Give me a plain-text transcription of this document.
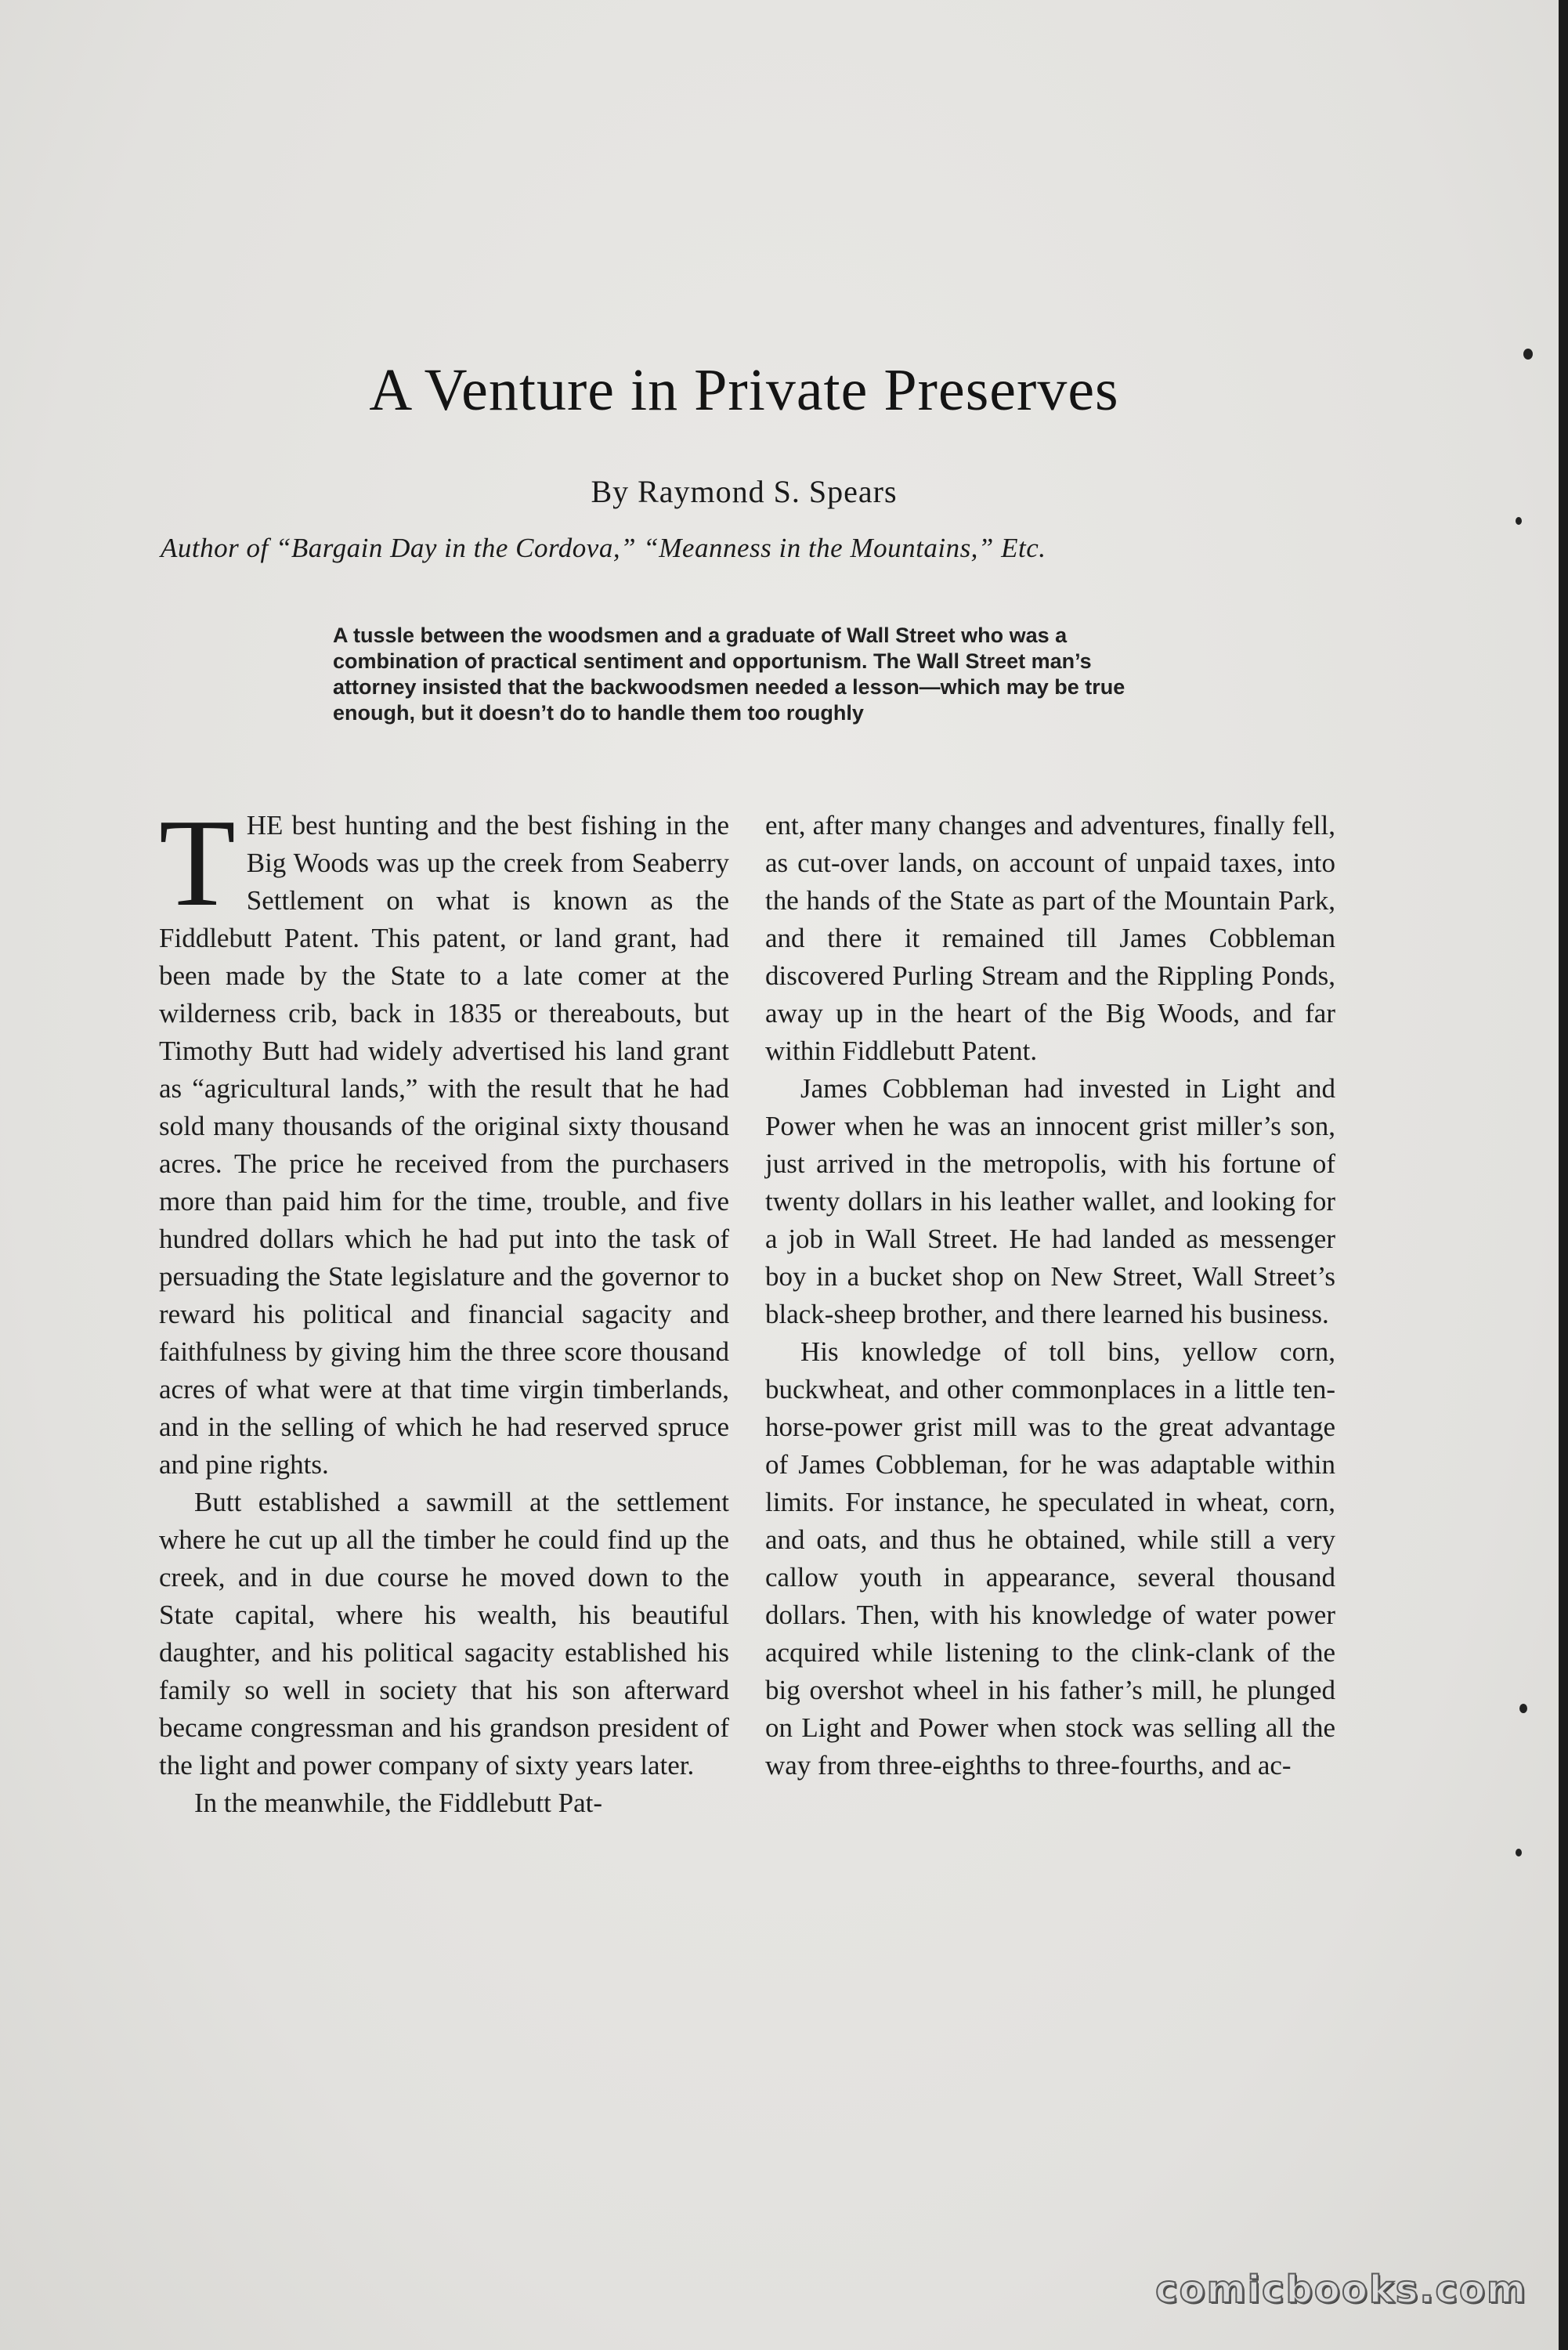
A Venture in Private Preserves
By Raymond S. Spears
Author of “Bargain Day in the Cordova,” “Meanness in the Mountains,” Etc.
A tussle between the woodsmen and a graduate of Wall Street who was a combination of practical sentiment and opportunism. The Wall Street man’s attorney insisted that the backwoodsmen needed a lesson—which may be true enough, but it doesn’t do to handle them too roughly

THE best hunting and the best fishing in the Big Woods was up the creek from Seaberry Settlement on what is known as the Fiddlebutt Patent. This patent, or land grant, had been made by the State to a late comer at the wilderness crib, back in 1835 or thereabouts, but Timothy Butt had widely advertised his land grant as “agricultural lands,” with the result that he had sold many thousands of the original sixty thousand acres. The price he received from the purchasers more than paid him for the time, trouble, and five hundred dollars which he had put into the task of persuading the State legislature and the governor to reward his political and financial sagacity and faithfulness by giving him the three score thousand acres of what were at that time virgin timberlands, and in the selling of which he had reserved spruce and pine rights.

Butt established a sawmill at the settlement where he cut up all the timber he could find up the creek, and in due course he moved down to the State capital, where his wealth, his beautiful daughter, and his political sagacity established his family so well in society that his son afterward became congressman and his grandson president of the light and power company of sixty years later.

In the meanwhile, the Fiddlebutt Pat-

ent, after many changes and adventures, finally fell, as cut-over lands, on account of unpaid taxes, into the hands of the State as part of the Mountain Park, and there it remained till James Cobbleman discovered Purling Stream and the Rippling Ponds, away up in the heart of the Big Woods, and far within Fiddlebutt Patent.

James Cobbleman had invested in Light and Power when he was an innocent grist miller’s son, just arrived in the metropolis, with his fortune of twenty dollars in his leather wallet, and looking for a job in Wall Street. He had landed as messenger boy in a bucket shop on New Street, Wall Street’s black-sheep brother, and there learned his business.

His knowledge of toll bins, yellow corn, buckwheat, and other commonplaces in a little ten-horse-power grist mill was to the great advantage of James Cobbleman, for he was adaptable within limits. For instance, he speculated in wheat, corn, and oats, and thus he obtained, while still a very callow youth in appearance, several thousand dollars. Then, with his knowledge of water power acquired while listening to the clink-clank of the big overshot wheel in his father’s mill, he plunged on Light and Power when stock was selling all the way from three-eighths to three-fourths, and ac-

comicbooks.com
